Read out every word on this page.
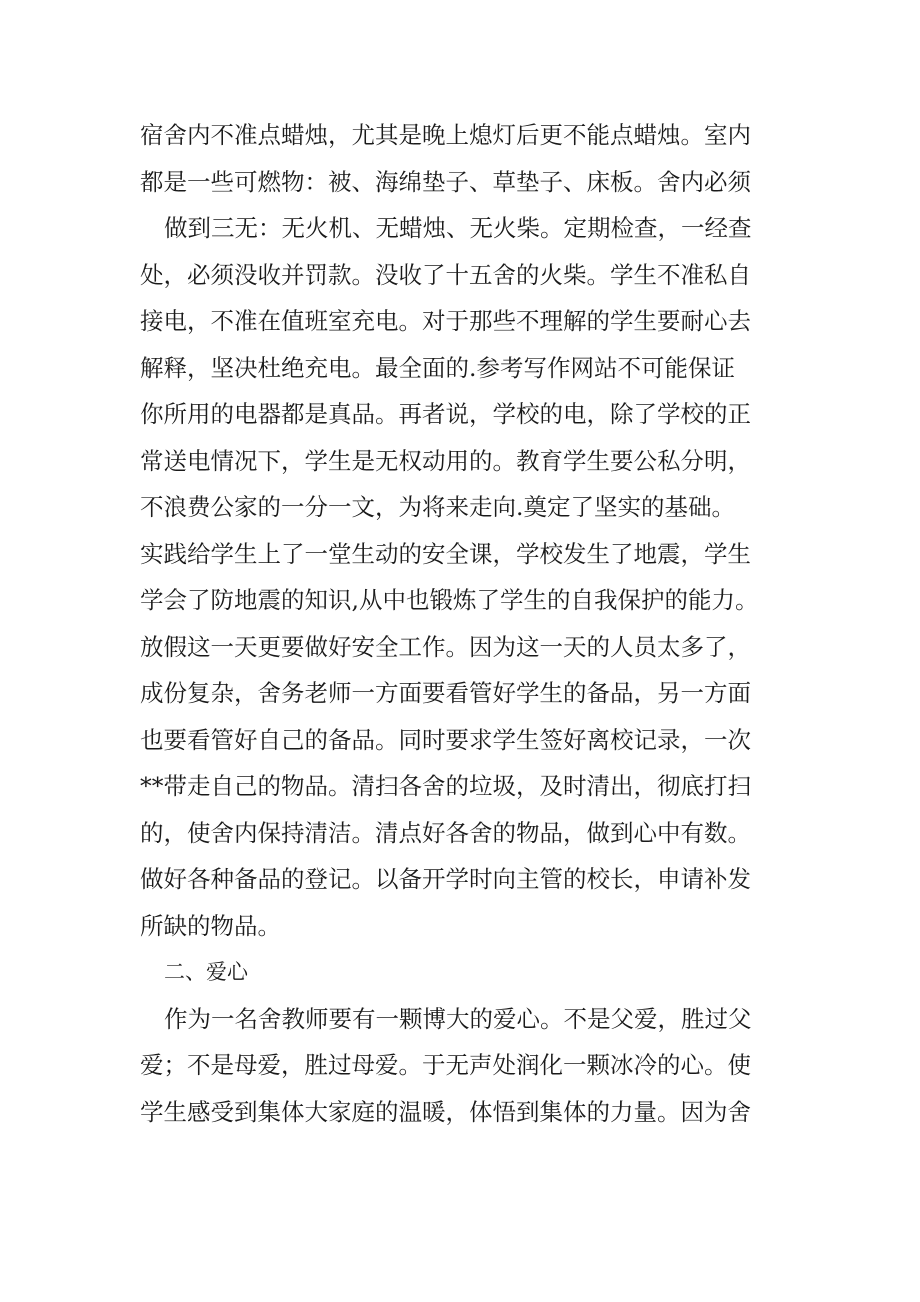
宿舍内不准点蜡烛，尤其是晚上熄灯后更不能点蜡烛。室内
都是一些可燃物：被、海绵垫子、草垫子、床板。舍内必须
做到三无：无火机、无蜡烛、无火柴。定期检查，一经查
处，必须没收并罚款。没收了十五舍的火柴。学生不准私自
接电，不准在值班室充电。对于那些不理解的学生要耐心去
解释，坚决杜绝充电。最全面的.参考写作网站不可能保证
你所用的电器都是真品。再者说，学校的电，除了学校的正
常送电情况下，学生是无权动用的。教育学生要公私分明，
不浪费公家的一分一文，为将来走向.奠定了坚实的基础。
实践给学生上了一堂生动的安全课，学校发生了地震，学生
学会了防地震的知识,从中也锻炼了学生的自我保护的能力。
放假这一天更要做好安全工作。因为这一天的人员太多了，
成份复杂，舍务老师一方面要看管好学生的备品，另一方面
也要看管好自己的备品。同时要求学生签好离校记录，一次
**带走自己的物品。清扫各舍的垃圾，及时清出，彻底打扫
的，使舍内保持清洁。清点好各舍的物品，做到心中有数。
做好各种备品的登记。以备开学时向主管的校长，申请补发
所缺的物品。
二、爱心
作为一名舍教师要有一颗博大的爱心。不是父爱，胜过父
爱；不是母爱，胜过母爱。于无声处润化一颗冰冷的心。使
学生感受到集体大家庭的温暖，体悟到集体的力量。因为舍
